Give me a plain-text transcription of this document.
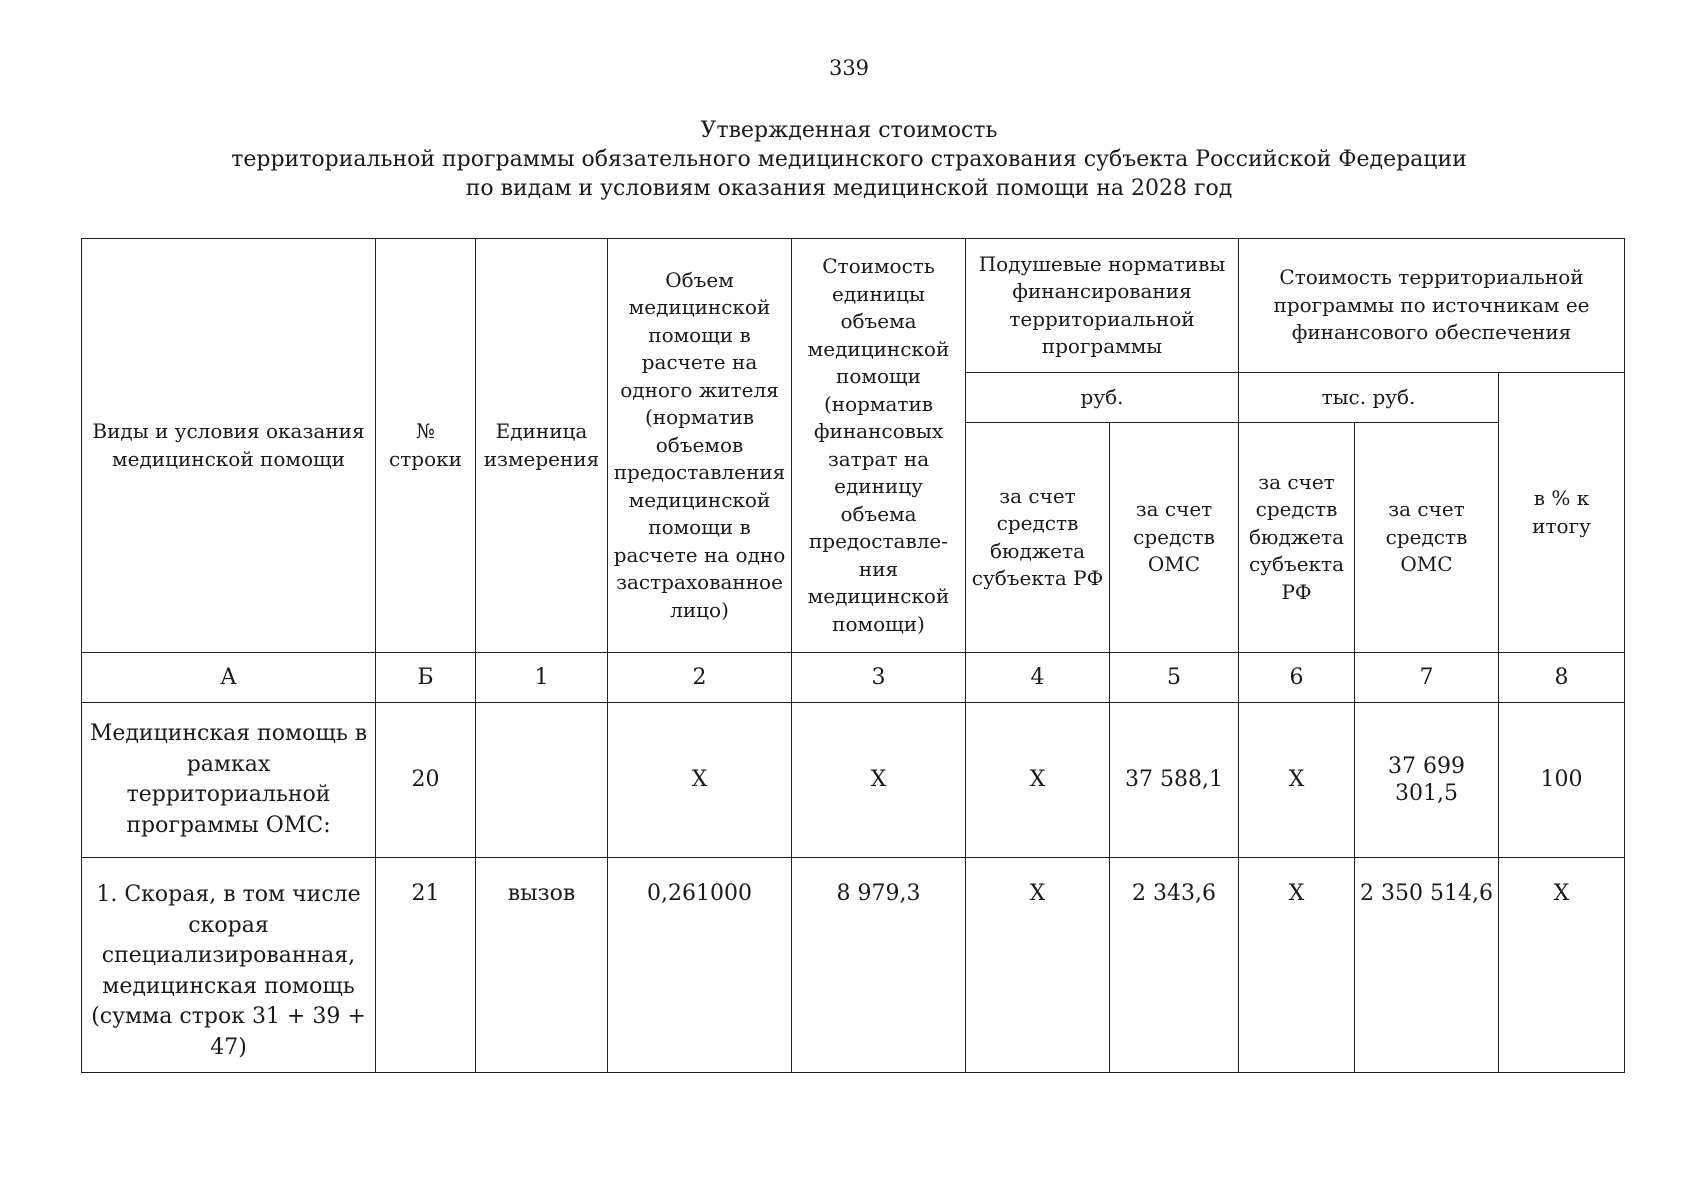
339
Утвержденная стоимость
территориальной программы обязательного медицинского страхования субъекта Российской Федерации
по видам и условиям оказания медицинской помощи на 2028 год
Виды и условия оказания медицинской помощи	№ строки	Единица измерения	Объем медицинской помощи в расчете на одного жителя (норматив объемов предоставления медицинской помощи в расчете на одно застрахованное лицо)	Стоимость единицы объема медицинской помощи (норматив финансовых затрат на единицу объема предоставле-ния медицинской помощи)	Подушевые нормативы финансирования территориальной программы		Стоимость территориальной программы по источникам ее финансового обеспечения		
					руб.		тыс. руб.		в % к итогу
					за счет средств бюджета субъекта РФ	за счет средств ОМС	за счет средств бюджета субъекта РФ	за счет средств ОМС	
А	Б	1	2	3	4	5	6	7	8
Медицинская помощь в рамках территориальной программы ОМС:	20		X	X	X	37 588,1	X	37 699 301,5	100
1. Скорая, в том числе скорая специализированная, медицинская помощь (сумма строк 31 + 39 + 47)	21	вызов	0,261000	8 979,3	X	2 343,6	X	2 350 514,6	X
